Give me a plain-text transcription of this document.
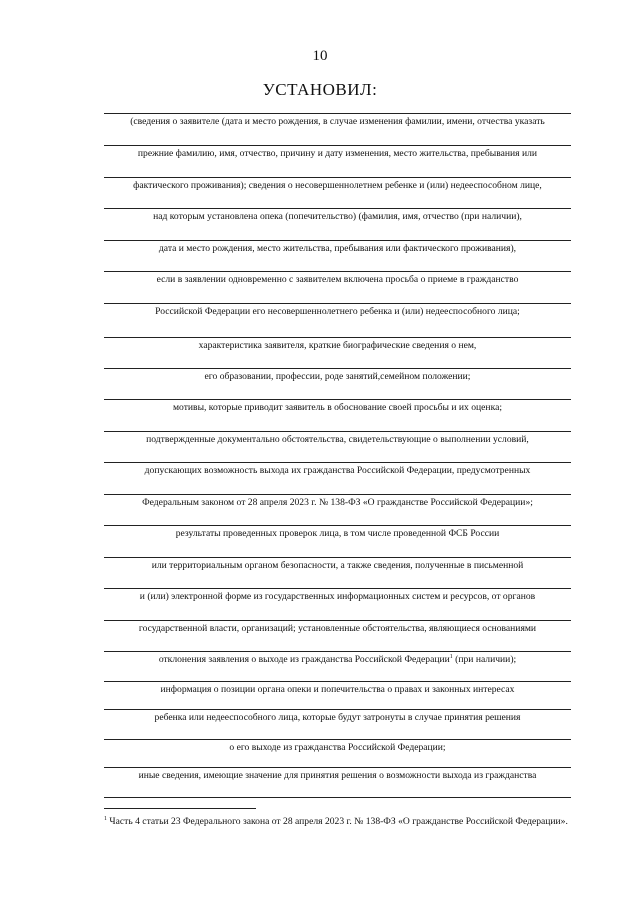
10
УСТАНОВИЛ:
(сведения о заявителе (дата и место рождения, в случае изменения фамилии, имени, отчества указать
прежние фамилию, имя, отчество, причину и дату изменения, место жительства, пребывания или
фактического проживания); сведения о несовершеннолетнем ребенке и (или) недееспособном лице,
над которым установлена опека (попечительство) (фамилия, имя, отчество (при наличии),
дата и место рождения, место жительства, пребывания или фактического проживания),
если в заявлении одновременно с заявителем включена просьба о приеме в гражданство
Российской Федерации его несовершеннолетнего ребенка и (или) недееспособного лица;
характеристика заявителя, краткие биографические сведения о нем,
его образовании, профессии, роде занятий,семейном положении;
мотивы, которые приводит заявитель в обоснование своей просьбы и их оценка;
подтвержденные документально обстоятельства, свидетельствующие о выполнении условий,
допускающих возможность выхода их гражданства Российской Федерации, предусмотренных
Федеральным законом от 28 апреля 2023 г. № 138-ФЗ «О гражданстве Российской Федерации»;
результаты проведенных проверок лица, в том числе проведенной ФСБ России
или территориальным органом безопасности, а также сведения, полученные в письменной
и (или) электронной форме из государственных информационных систем и ресурсов, от органов
государственной власти, организаций; установленные обстоятельства, являющиеся основаниями
отклонения заявления о выходе из гражданства Российской Федерации$^1$ (при наличии);
информация о позиции органа опеки и попечительства о правах и законных интересах
ребенка или недееспособного лица, которые будут затронуты в случае принятия решения
о его выходе из гражданства Российской Федерации;
иные сведения, имеющие значение для принятия решения о возможности выхода из гражданства
$^1$ Часть 4 статьи 23 Федерального закона от 28 апреля 2023 г. № 138-ФЗ «О гражданстве Российской Федерации».
